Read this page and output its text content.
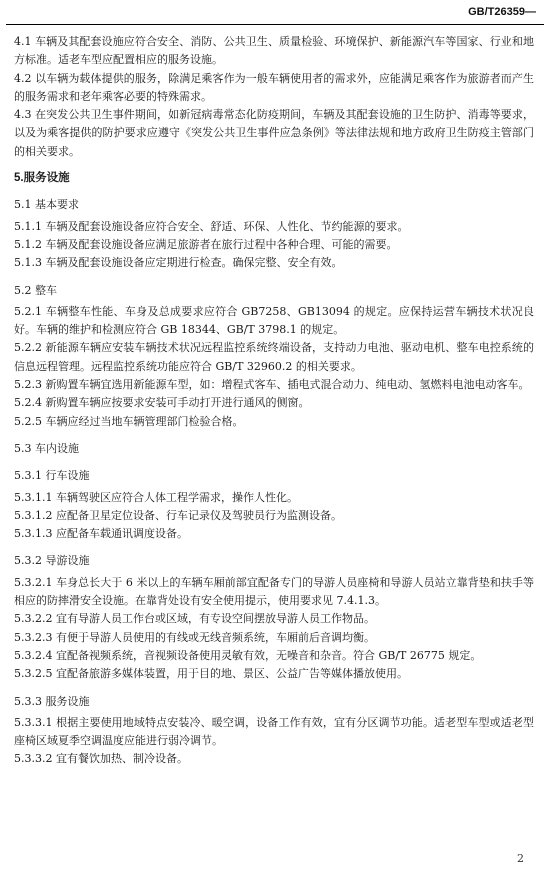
GB/T26359—
4.1 车辆及其配套设施应符合安全、消防、公共卫生、质量检验、环境保护、新能源汽车等国家、行业和地方标准。适老车型应配置相应的服务设施。
4.2 以车辆为载体提供的服务，除满足乘客作为一般车辆使用者的需求外，应能满足乘客作为旅游者而产生的服务需求和老年乘客必要的特殊需求。
4.3 在突发公共卫生事件期间，如新冠病毒常态化防疫期间，车辆及其配套设施的卫生防护、消毒等要求，以及为乘客提供的防护要求应遵守《突发公共卫生事件应急条例》等法律法规和地方政府卫生防疫主管部门的相关要求。
5.服务设施
5.1 基本要求
5.1.1 车辆及配套设施设备应符合安全、舒适、环保、人性化、节约能源的要求。
5.1.2 车辆及配套设施设备应满足旅游者在旅行过程中各种合理、可能的需要。
5.1.3 车辆及配套设施设备应定期进行检查。确保完整、安全有效。
5.2 整车
5.2.1 车辆整车性能、车身及总成要求应符合 GB7258、GB13094 的规定。应保持运营车辆技术状况良好。车辆的维护和检测应符合 GB 18344、GB/T 3798.1 的规定。
5.2.2 新能源车辆应安装车辆技术状况远程监控系统终端设备，支持动力电池、驱动电机、整车电控系统的信息远程管理。远程监控系统功能应符合 GB/T 32960.2 的相关要求。
5.2.3 新购置车辆宜选用新能源车型，如：增程式客车、插电式混合动力、纯电动、氢燃料电池电动客车。
5.2.4 新购置车辆应按要求安装可手动打开进行通风的侧窗。
5.2.5 车辆应经过当地车辆管理部门检验合格。
5.3 车内设施
5.3.1 行车设施
5.3.1.1 车辆驾驶区应符合人体工程学需求，操作人性化。
5.3.1.2 应配备卫星定位设备、行车记录仪及驾驶员行为监测设备。
5.3.1.3 应配备车载通讯调度设备。
5.3.2 导游设施
5.3.2.1 车身总长大于 6 米以上的车辆车厢前部宜配备专门的导游人员座椅和导游人员站立靠背垫和扶手等相应的防摔滑安全设施。在靠背处设有安全使用提示，使用要求见 7.4.1.3。
5.3.2.2 宜有导游人员工作台或区域，有专设空间摆放导游人员工作物品。
5.3.2.3 有便于导游人员使用的有线或无线音频系统，车厢前后音调均衡。
5.3.2.4 宜配备视频系统，音视频设备使用灵敏有效，无噪音和杂音。符合 GB/T 26775 规定。
5.3.2.5 宜配备旅游多媒体装置，用于目的地、景区、公益广告等媒体播放使用。
5.3.3 服务设施
5.3.3.1 根据主要使用地域特点安装冷、暖空调，设备工作有效，宜有分区调节功能。适老型车型或适老型座椅区域夏季空调温度应能进行弱冷调节。
5.3.3.2 宜有餐饮加热、制冷设备。
2
